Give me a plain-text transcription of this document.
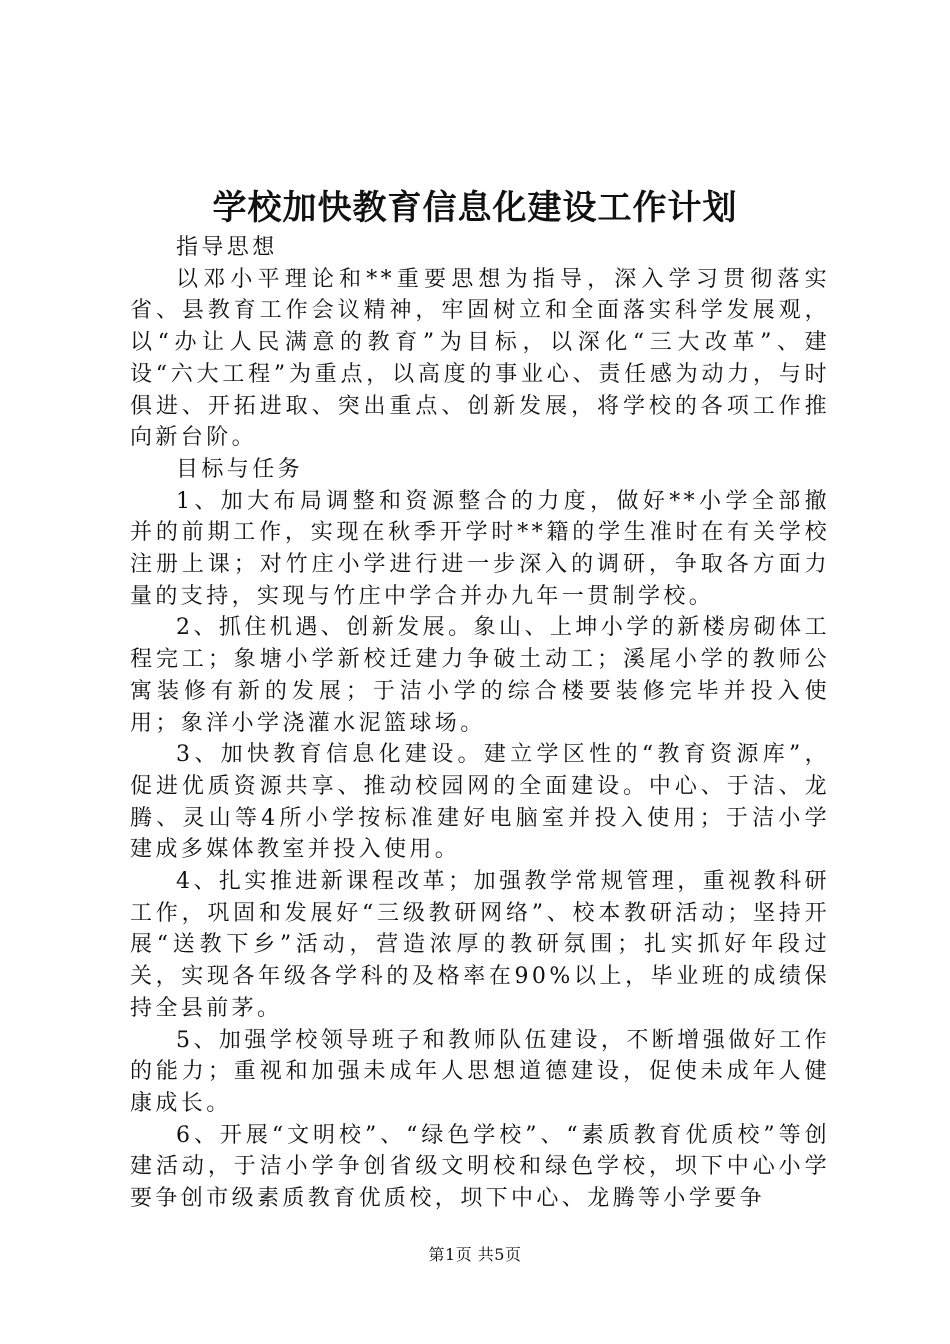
学校加快教育信息化建设工作计划

指导思想

以邓小平理论和**重要思想为指导，深入学习贯彻落实省、县教育工作会议精神，牢固树立和全面落实科学发展观，以“办让人民满意的教育”为目标，以深化“三大改革”、建设“六大工程”为重点，以高度的事业心、责任感为动力，与时俱进、开拓进取、突出重点、创新发展，将学校的各项工作推向新台阶。

目标与任务

1、加大布局调整和资源整合的力度，做好**小学全部撤并的前期工作，实现在秋季开学时**籍的学生准时在有关学校注册上课；对竹庄小学进行进一步深入的调研，争取各方面力量的支持，实现与竹庄中学合并办九年一贯制学校。

2、抓住机遇、创新发展。象山、上坤小学的新楼房砌体工程完工；象塘小学新校迁建力争破土动工；溪尾小学的教师公寓装修有新的发展；于洁小学的综合楼要装修完毕并投入使用；象洋小学浇灌水泥篮球场。

3、加快教育信息化建设。建立学区性的“教育资源库”，促进优质资源共享、推动校园网的全面建设。中心、于洁、龙腾、灵山等4所小学按标准建好电脑室并投入使用；于洁小学建成多媒体教室并投入使用。

4、扎实推进新课程改革；加强教学常规管理，重视教科研工作，巩固和发展好“三级教研网络”、校本教研活动；坚持开展“送教下乡”活动，营造浓厚的教研氛围；扎实抓好年段过关，实现各年级各学科的及格率在90%以上，毕业班的成绩保持全县前茅。

5、加强学校领导班子和教师队伍建设，不断增强做好工作的能力；重视和加强未成年人思想道德建设，促使未成年人健康成长。

6、开展“文明校”、“绿色学校”、“素质教育优质校”等创建活动，于洁小学争创省级文明校和绿色学校，坝下中心小学要争创市级素质教育优质校，坝下中心、龙腾等小学要争

第1页 共5页
